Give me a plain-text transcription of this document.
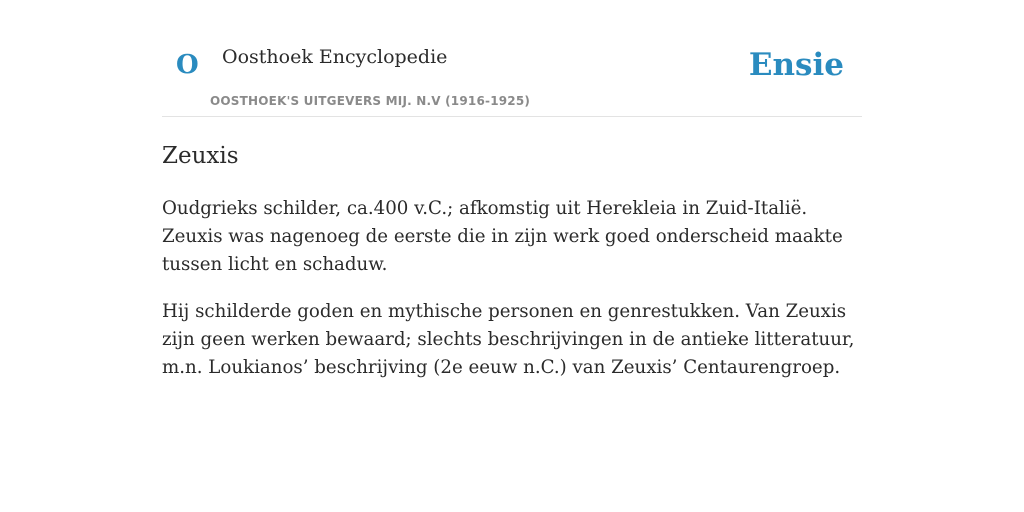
O Oosthoek Encyclopedie
OOSTHOEK'S UITGEVERS MIJ. N.V (1916-1925)
Ensie
Zeuxis

Oudgrieks schilder, ca.400 v.C.; afkomstig uit Herekleia in Zuid-Italië. Zeuxis was nagenoeg de eerste die in zijn werk goed onderscheid maakte tussen licht en schaduw.

Hij schilderde goden en mythische personen en genrestukken. Van Zeuxis zijn geen werken bewaard; slechts beschrijvingen in de antieke litteratuur, m.n. Loukianos’ beschrijving (2e eeuw n.C.) van Zeuxis’ Centaurengroep.
